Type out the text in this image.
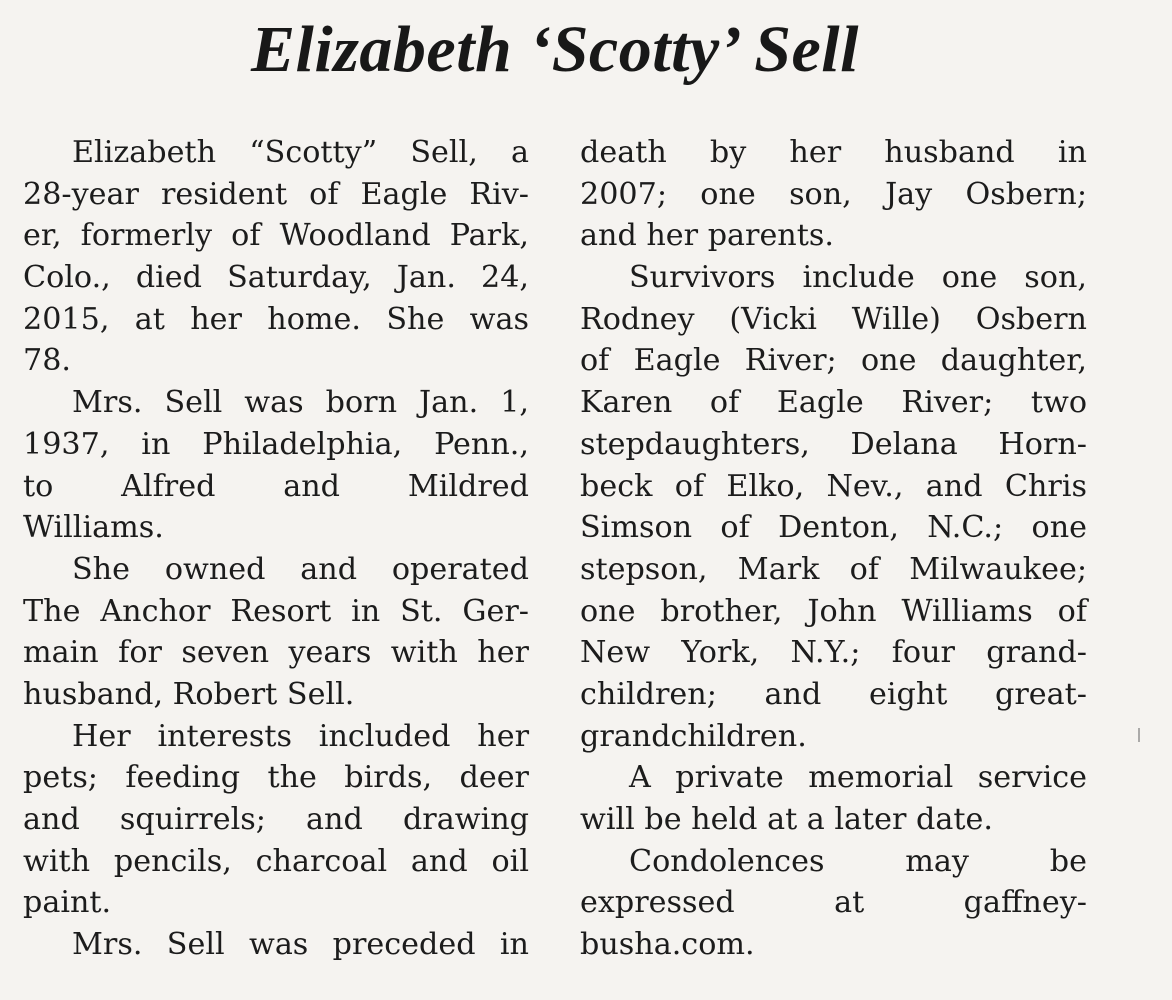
Elizabeth ‘Scotty’ Sell
Elizabeth “Scotty” Sell, a
28-year resident of Eagle Riv-
er, formerly of Woodland Park,
Colo., died Saturday, Jan. 24,
2015, at her home. She was
78.
Mrs. Sell was born Jan. 1,
1937, in Philadelphia, Penn.,
to Alfred and Mildred
Williams.
She owned and operated
The Anchor Resort in St. Ger-
main for seven years with her
husband, Robert Sell.
Her interests included her
pets; feeding the birds, deer
and squirrels; and drawing
with pencils, charcoal and oil
paint.
Mrs. Sell was preceded in
death by her husband in
2007; one son, Jay Osbern;
and her parents.
Survivors include one son,
Rodney (Vicki Wille) Osbern
of Eagle River; one daughter,
Karen of Eagle River; two
stepdaughters, Delana Horn-
beck of Elko, Nev., and Chris
Simson of Denton, N.C.; one
stepson, Mark of Milwaukee;
one brother, John Williams of
New York, N.Y.; four grand-
children; and eight great-
grandchildren.
A private memorial service
will be held at a later date.
Condolences may be
expressed at gaffney-
busha.com.
